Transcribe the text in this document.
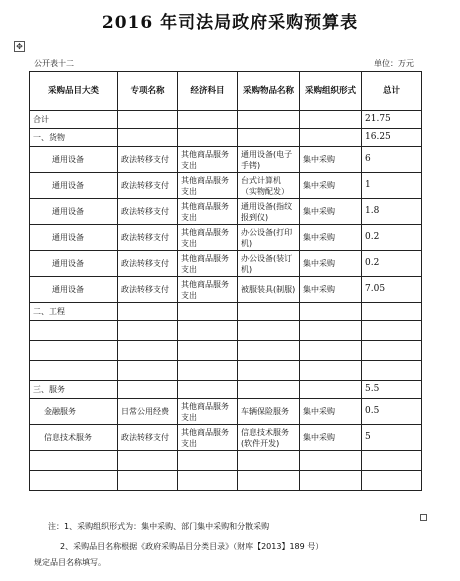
2016 年司法局政府采购预算表
✥
公开表十二	单位：万元
采购品目大类	专项名称	经济科目	采购物品名称	采购组织形式	总计
合计					21.75
一、货物					16.25
通用设备	政法转移支付	其他商品服务支出	通用设备(电子手铐)	集中采购	6
通用设备	政法转移支付	其他商品服务支出	台式计算机（实物配发）	集中采购	1
通用设备	政法转移支付	其他商品服务支出	通用设备(指纹报到仪)	集中采购	1.8
通用设备	政法转移支付	其他商品服务支出	办公设备(打印机)	集中采购	0.2
通用设备	政法转移支付	其他商品服务支出	办公设备(装订机)	集中采购	0.2
通用设备	政法转移支付	其他商品服务支出	被服装具(制服)	集中采购	7.05
二、工程					

三、服务					5.5
金融服务	日常公用经费	其他商品服务支出	车辆保险服务	集中采购	0.5
信息技术服务	政法转移支付	其他商品服务支出	信息技术服务(软件开发)	集中采购	5

注：1、采购组织形式为：集中采购、部门集中采购和分散采购
2、采购品目名称根据《政府采购品目分类目录》（财库【2013】189 号）
规定品目名称填写。
